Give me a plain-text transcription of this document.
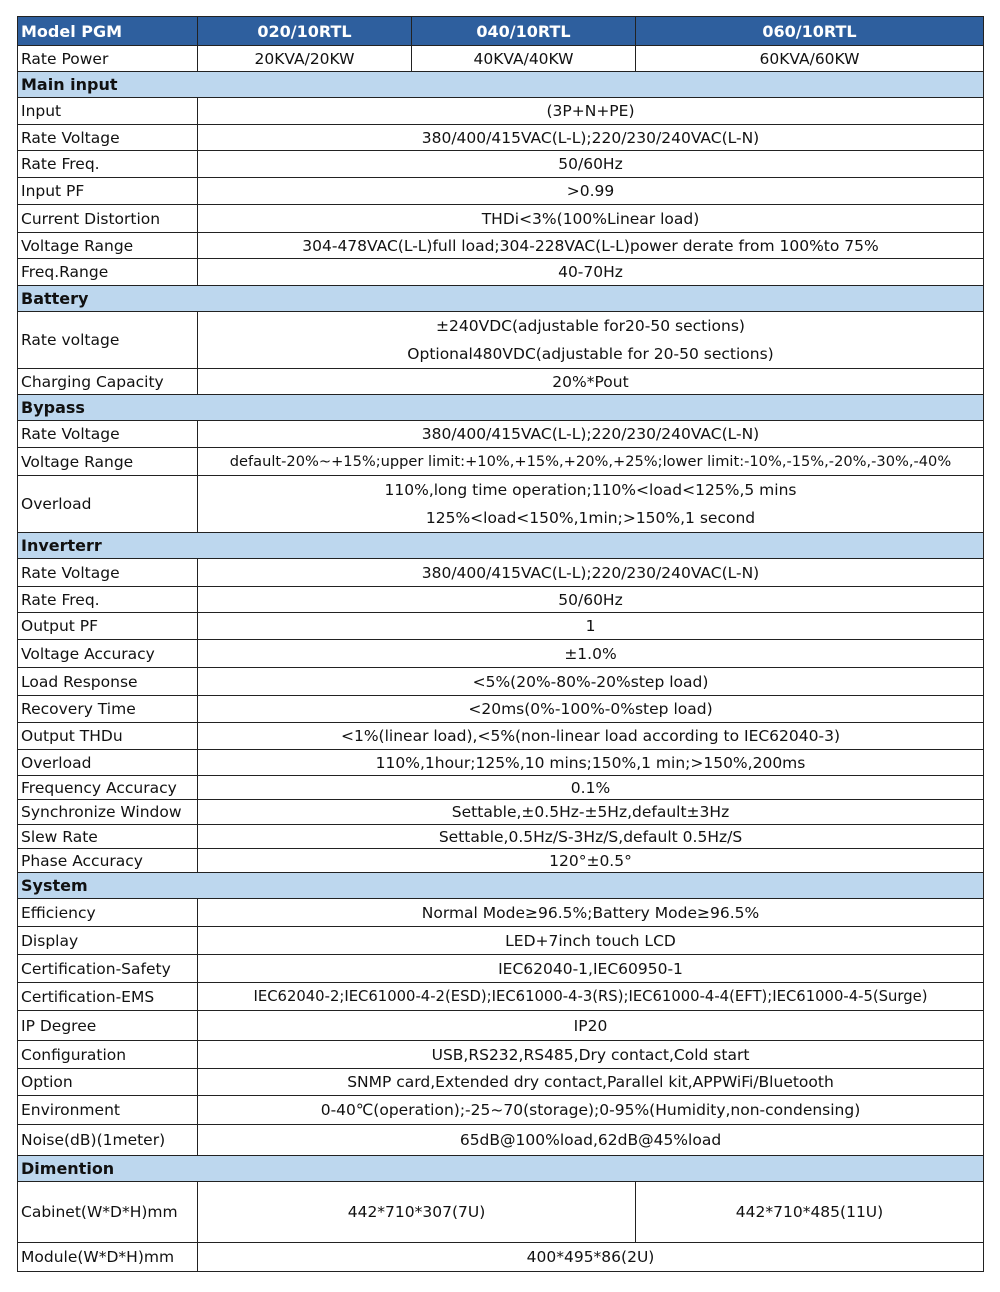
Model PGM	020/10RTL	040/10RTL	060/10RTL	
Rate Power	20KVA/20KW	40KVA/40KW	60KVA/60KW	
Main input				
Input	(3P+N+PE)			
Rate Voltage	380/400/415VAC(L-L);220/230/240VAC(L-N)			
Rate Freq.	50/60Hz			
Input PF	>0.99			
Current Distortion	THDi<3%(100%Linear load)			
Voltage Range	304-478VAC(L-L)full load;304-228VAC(L-L)power derate from 100%to 75%			
Freq.Range	40-70Hz			
Battery				
Rate voltage	±240VDC(adjustable for20-50 sections)
Optional480VDC(adjustable for 20-50 sections)			

Charging Capacity	20%*Pout			
Bypass				
Rate Voltage	380/400/415VAC(L-L);220/230/240VAC(L-N)			
Voltage Range	default-20%~+15%;upper limit:+10%,+15%,+20%,+25%;lower limit:-10%,-15%,-20%,-30%,-40%			
Overload	110%,long time operation;110%<load<125%,5 mins
125%<load<150%,1min;>150%,1 second			

Inverterr				
Rate Voltage	380/400/415VAC(L-L);220/230/240VAC(L-N)			
Rate Freq.	50/60Hz			
Output PF	1			
Voltage Accuracy	±1.0%			
Load Response	<5%(20%-80%-20%step load)			
Recovery Time	<20ms(0%-100%-0%step load)			
Output THDu	<1%(linear load),<5%(non-linear load according to IEC62040-3)			
Overload	110%,1hour;125%,10 mins;150%,1 min;>150%,200ms			
Frequency Accuracy	0.1%			
Synchronize Window	Settable,±0.5Hz-±5Hz,default±3Hz			
Slew Rate	Settable,0.5Hz/S-3Hz/S,default 0.5Hz/S			
Phase Accuracy	120°±0.5°			
System				
Efficiency	Normal Mode≥96.5%;Battery Mode≥96.5%			
Display	LED+7inch touch LCD			
Certification-Safety	IEC62040-1,IEC60950-1			
Certification-EMS	IEC62040-2;IEC61000-4-2(ESD);IEC61000-4-3(RS);IEC61000-4-4(EFT);IEC61000-4-5(Surge)			
IP Degree	IP20			
Configuration	USB,RS232,RS485,Dry contact,Cold start			
Option	SNMP card,Extended dry contact,Parallel kit,APPWiFi/Bluetooth			
Environment	0-40℃(operation);-25~70(storage);0-95%(Humidity,non-condensing)			
Noise(dB)(1meter)	65dB@100%load,62dB@45%load			
Dimention				
Cabinet(W*D*H)mm	442*710*307(7U)		442*710*485(11U)	
Module(W*D*H)mm	400*495*86(2U)			
